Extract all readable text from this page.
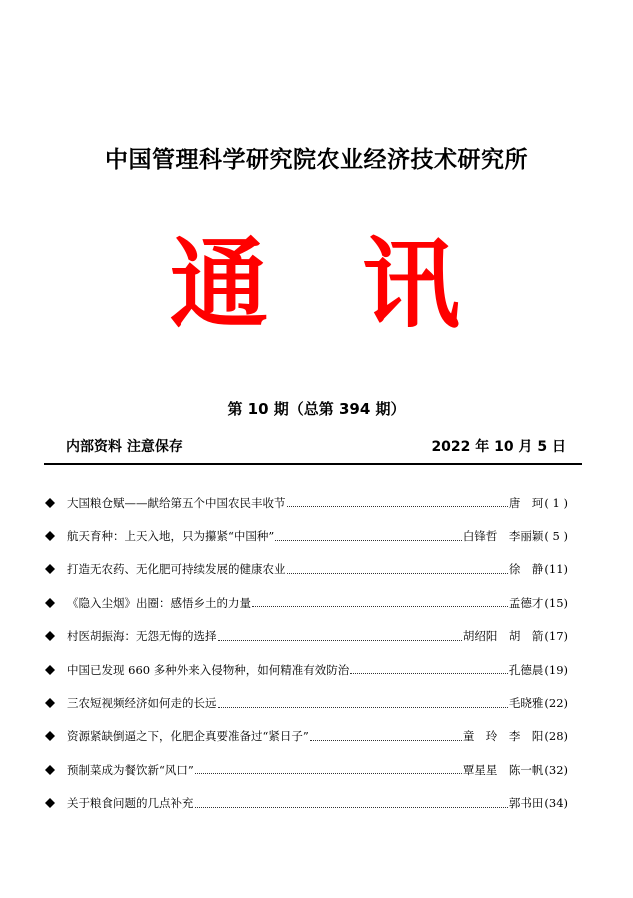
中国管理科学研究院农业经济技术研究所
通 讯
第 10 期（总第 394 期）
内部资料 注意保存	2022 年 10 月 5 日
大国粮仓赋——献给第五个中国农民丰收节	唐　珂 ( 1 )
航天育种：上天入地，只为攥紧“中国种”	白锋哲　李丽颖 ( 5 )
打造无农药、无化肥可持续发展的健康农业	徐　静 (11)
《隐入尘烟》出圈：感悟乡土的力量	孟德才 (15)
村医胡振海：无怨无悔的选择	胡绍阳　胡　箭 (17)
中国已发现 660 多种外来入侵物种，如何精准有效防治	孔德晨 (19)
三农短视频经济如何走的长远	毛晓雅 (22)
资源紧缺倒逼之下，化肥企真要准备过“紧日子”	童　玲　李　阳 (28)
预制菜成为餐饮新“风口”	覃星星　陈一帆 (32)
关于粮食问题的几点补充	郭书田 (34)
